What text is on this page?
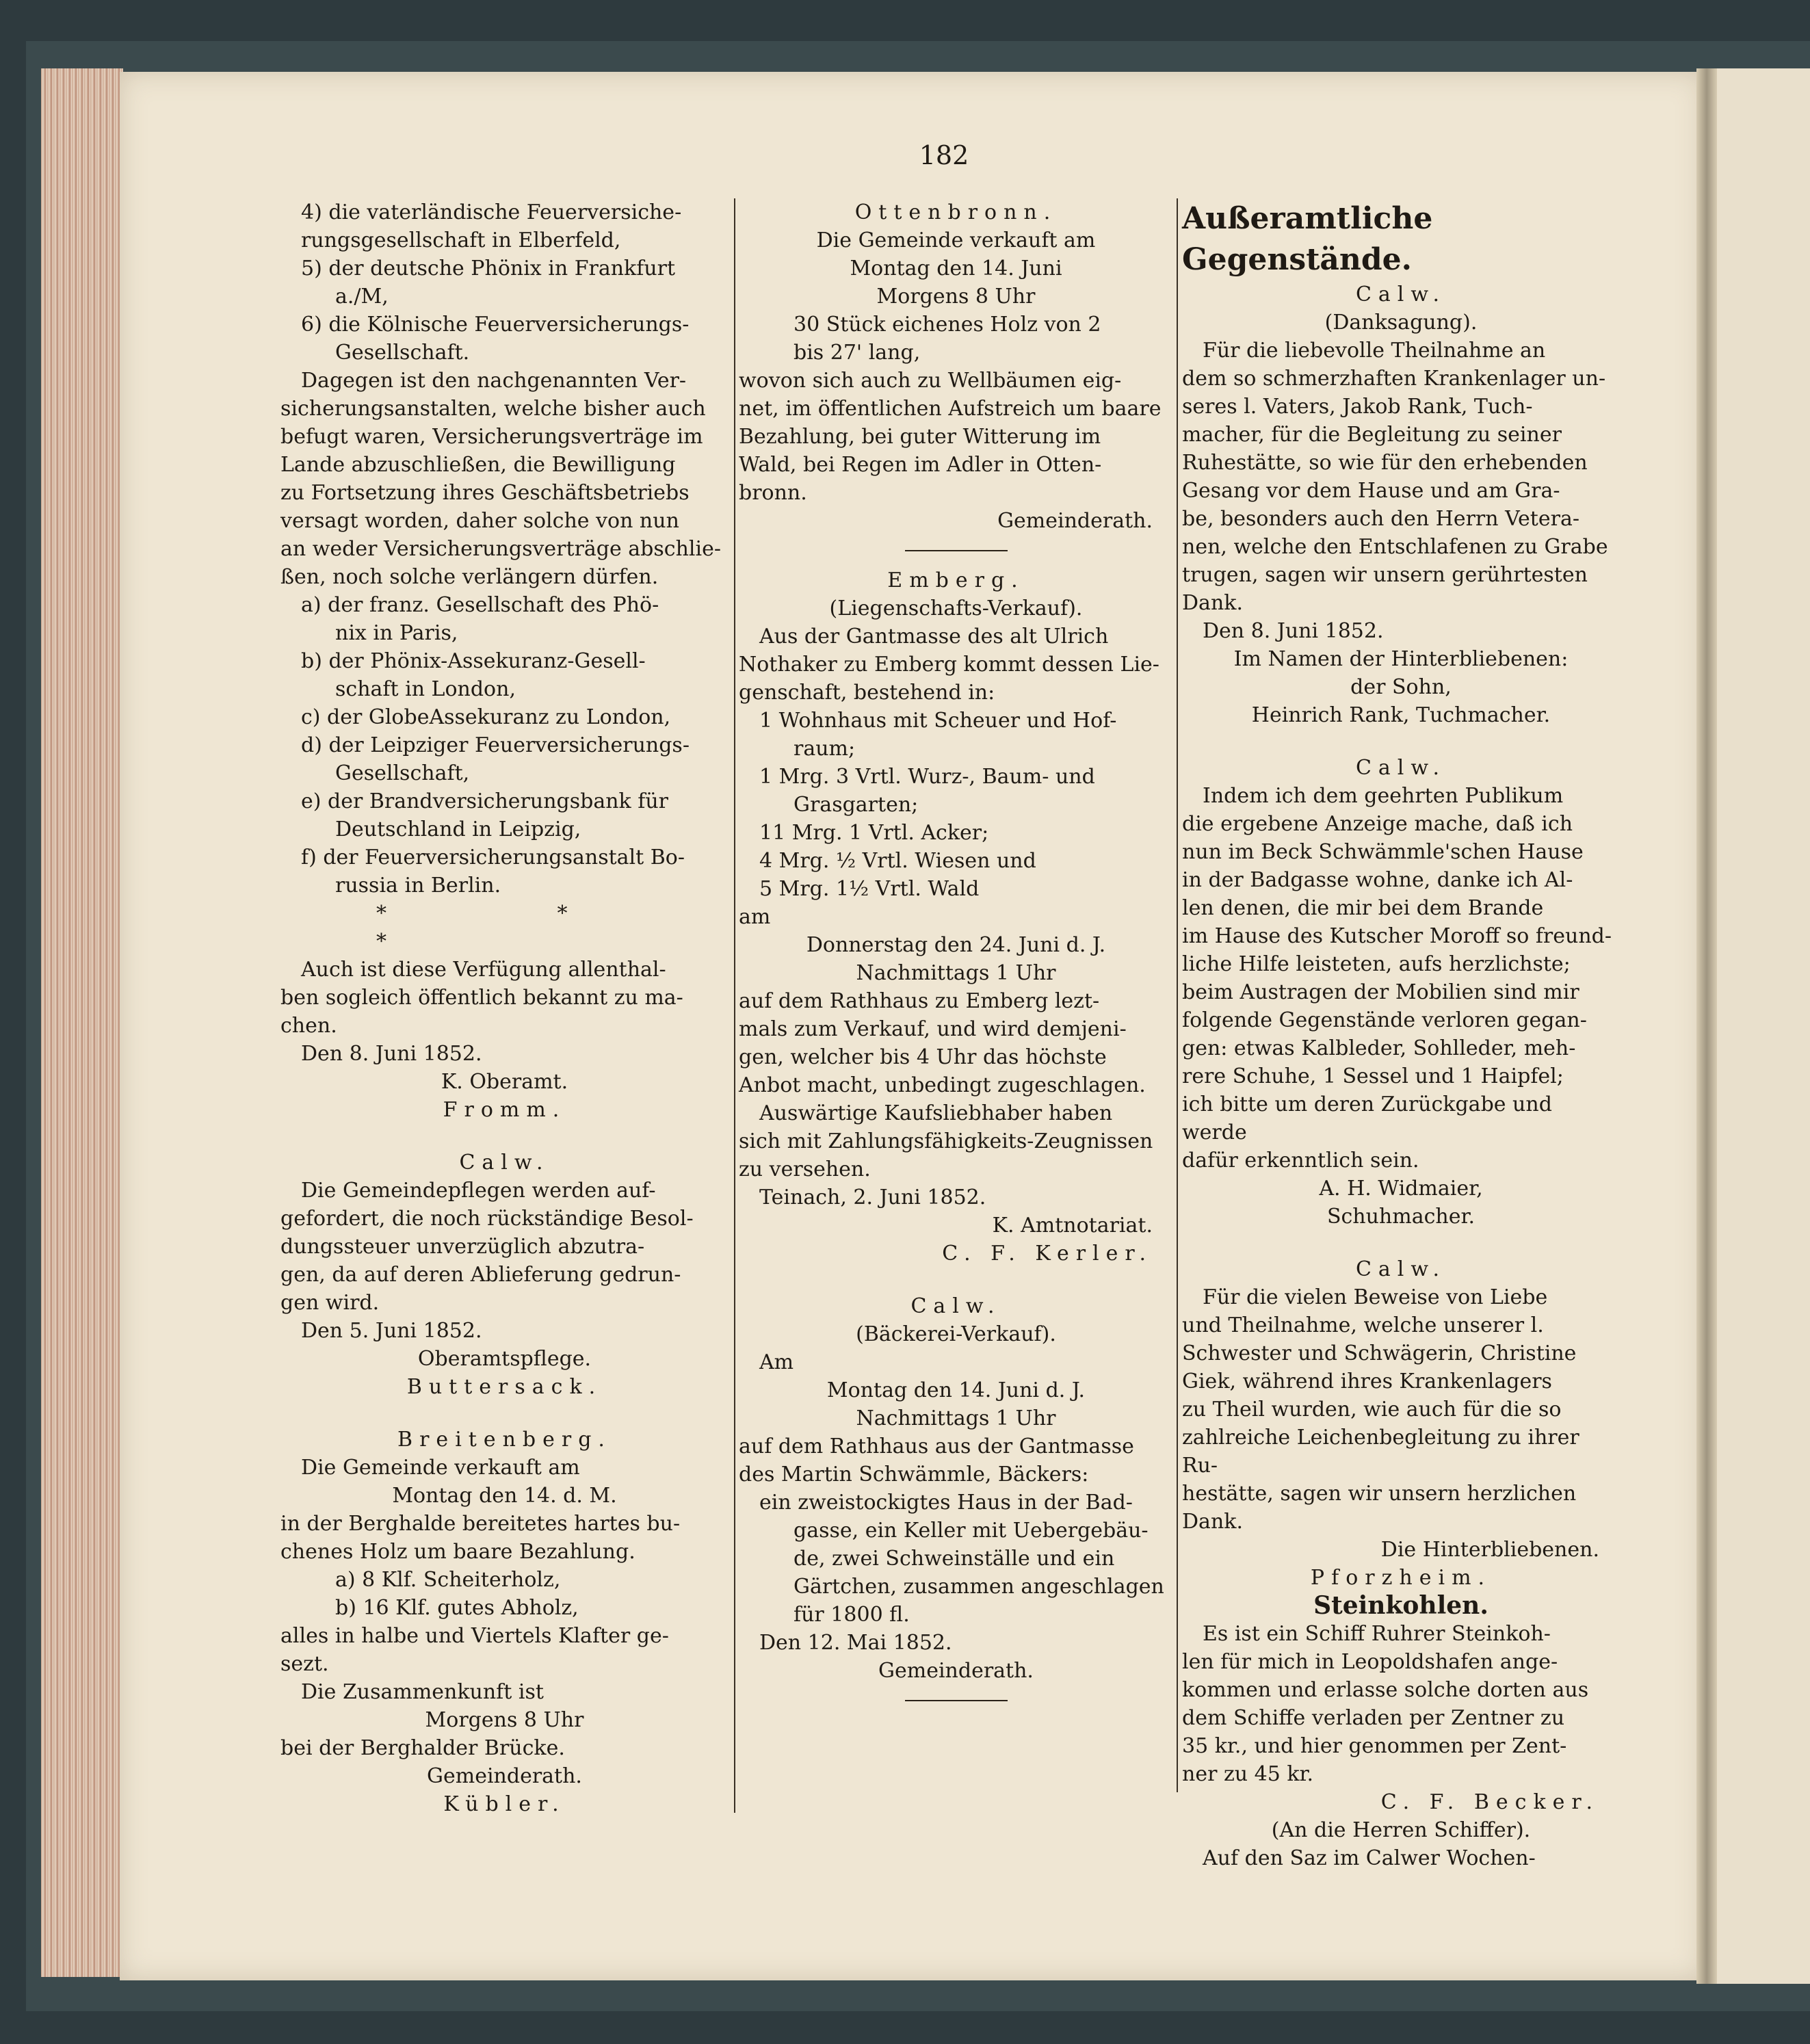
182

4) die vaterländische Feuerversiche-

rungsgesellschaft in Elberfeld,

5) der deutsche Phönix in Frankfurt

a./M,

6) die Kölnische Feuerversicherungs-

Gesellschaft.

Dagegen ist den nachgenannten Ver-

sicherungsanstalten, welche bisher auch

befugt waren, Versicherungsverträge im

Lande abzuschließen, die Bewilligung

zu Fortsetzung ihres Geschäftsbetriebs

versagt worden, daher solche von nun

an weder Versicherungsverträge abschlie-

ßen, noch solche verlängern dürfen.

a) der franz. Gesellschaft des Phö-

nix in Paris,

b) der Phönix-Assekuranz-Gesell-

schaft in London,

c) der GlobeAssekuranz zu London,

d) der Leipziger Feuerversicherungs-

Gesellschaft,

e) der Brandversicherungsbank für

Deutschland in Leipzig,

f) der Feuerversicherungsanstalt Bo-

russia in Berlin.

* * *

Auch ist diese Verfügung allenthal-

ben sogleich öffentlich bekannt zu ma-

chen.

Den 8. Juni 1852.

K. Oberamt.

Fromm.

Calw.

Die Gemeindepflegen werden auf-

gefordert, die noch rückständige Besol-

dungssteuer unverzüglich abzutra-

gen, da auf deren Ablieferung gedrun-

gen wird.

Den 5. Juni 1852.

Oberamtspflege.

Buttersack.

Breitenberg.

Die Gemeinde verkauft am

Montag den 14. d. M.

in der Berghalde bereitetes hartes bu-

chenes Holz um baare Bezahlung.

a) 8 Klf. Scheiterholz,

b) 16 Klf. gutes Abholz,

alles in halbe und Viertels Klafter ge-

sezt.

Die Zusammenkunft ist

Morgens 8 Uhr

bei der Berghalder Brücke.

Gemeinderath.

Kübler.

Ottenbronn.

Die Gemeinde verkauft am

Montag den 14. Juni

Morgens 8 Uhr

30 Stück eichenes Holz von 2

bis 27' lang,

wovon sich auch zu Wellbäumen eig-

net, im öffentlichen Aufstreich um baare

Bezahlung, bei guter Witterung im

Wald, bei Regen im Adler in Otten-

bronn.

Gemeinderath.

Emberg.

(Liegenschafts-Verkauf).

Aus der Gantmasse des alt Ulrich

Nothaker zu Emberg kommt dessen Lie-

genschaft, bestehend in:

1 Wohnhaus mit Scheuer und Hof-

raum;

1 Mrg. 3 Vrtl. Wurz-, Baum- und

Grasgarten;

11 Mrg. 1 Vrtl. Acker;

4 Mrg. ½ Vrtl. Wiesen und

5 Mrg. 1½ Vrtl. Wald

am

Donnerstag den 24. Juni d. J.

Nachmittags 1 Uhr

auf dem Rathhaus zu Emberg lezt-

mals zum Verkauf, und wird demjeni-

gen, welcher bis 4 Uhr das höchste

Anbot macht, unbedingt zugeschlagen.

Auswärtige Kaufsliebhaber haben

sich mit Zahlungsfähigkeits-Zeugnissen

zu versehen.

Teinach, 2. Juni 1852.

K. Amtnotariat.

C. F. Kerler.

Calw.

(Bäckerei-Verkauf).

Am

Montag den 14. Juni d. J.

Nachmittags 1 Uhr

auf dem Rathhaus aus der Gantmasse

des Martin Schwämmle, Bäckers:

ein zweistockigtes Haus in der Bad-

gasse, ein Keller mit Uebergebäu-

de, zwei Schweinställe und ein

Gärtchen, zusammen angeschlagen

für 1800 fl.

Den 12. Mai 1852.

Gemeinderath.

Außeramtliche Gegenstände.

Calw.

(Danksagung).

Für die liebevolle Theilnahme an

dem so schmerzhaften Krankenlager un-

seres l. Vaters, Jakob Rank, Tuch-

macher, für die Begleitung zu seiner

Ruhestätte, so wie für den erhebenden

Gesang vor dem Hause und am Gra-

be, besonders auch den Herrn Vetera-

nen, welche den Entschlafenen zu Grabe

trugen, sagen wir unsern gerührtesten

Dank.

Den 8. Juni 1852.

Im Namen der Hinterbliebenen:

der Sohn,

Heinrich Rank, Tuchmacher.

Calw.

Indem ich dem geehrten Publikum

die ergebene Anzeige mache, daß ich

nun im Beck Schwämmle'schen Hause

in der Badgasse wohne, danke ich Al-

len denen, die mir bei dem Brande

im Hause des Kutscher Moroff so freund-

liche Hilfe leisteten, aufs herzlichste;

beim Austragen der Mobilien sind mir

folgende Gegenstände verloren gegan-

gen: etwas Kalbleder, Sohlleder, meh-

rere Schuhe, 1 Sessel und 1 Haipfel;

ich bitte um deren Zurückgabe und werde

dafür erkenntlich sein.

A. H. Widmaier,

Schuhmacher.

Calw.

Für die vielen Beweise von Liebe

und Theilnahme, welche unserer l.

Schwester und Schwägerin, Christine

Giek, während ihres Krankenlagers

zu Theil wurden, wie auch für die so

zahlreiche Leichenbegleitung zu ihrer Ru-

hestätte, sagen wir unsern herzlichen

Dank.

Die Hinterbliebenen.

Pforzheim.

Steinkohlen.

Es ist ein Schiff Ruhrer Steinkoh-

len für mich in Leopoldshafen ange-

kommen und erlasse solche dorten aus

dem Schiffe verladen per Zentner zu

35 kr., und hier genommen per Zent-

ner zu 45 kr.

C. F. Becker.

(An die Herren Schiffer).

Auf den Saz im Calwer Wochen-
